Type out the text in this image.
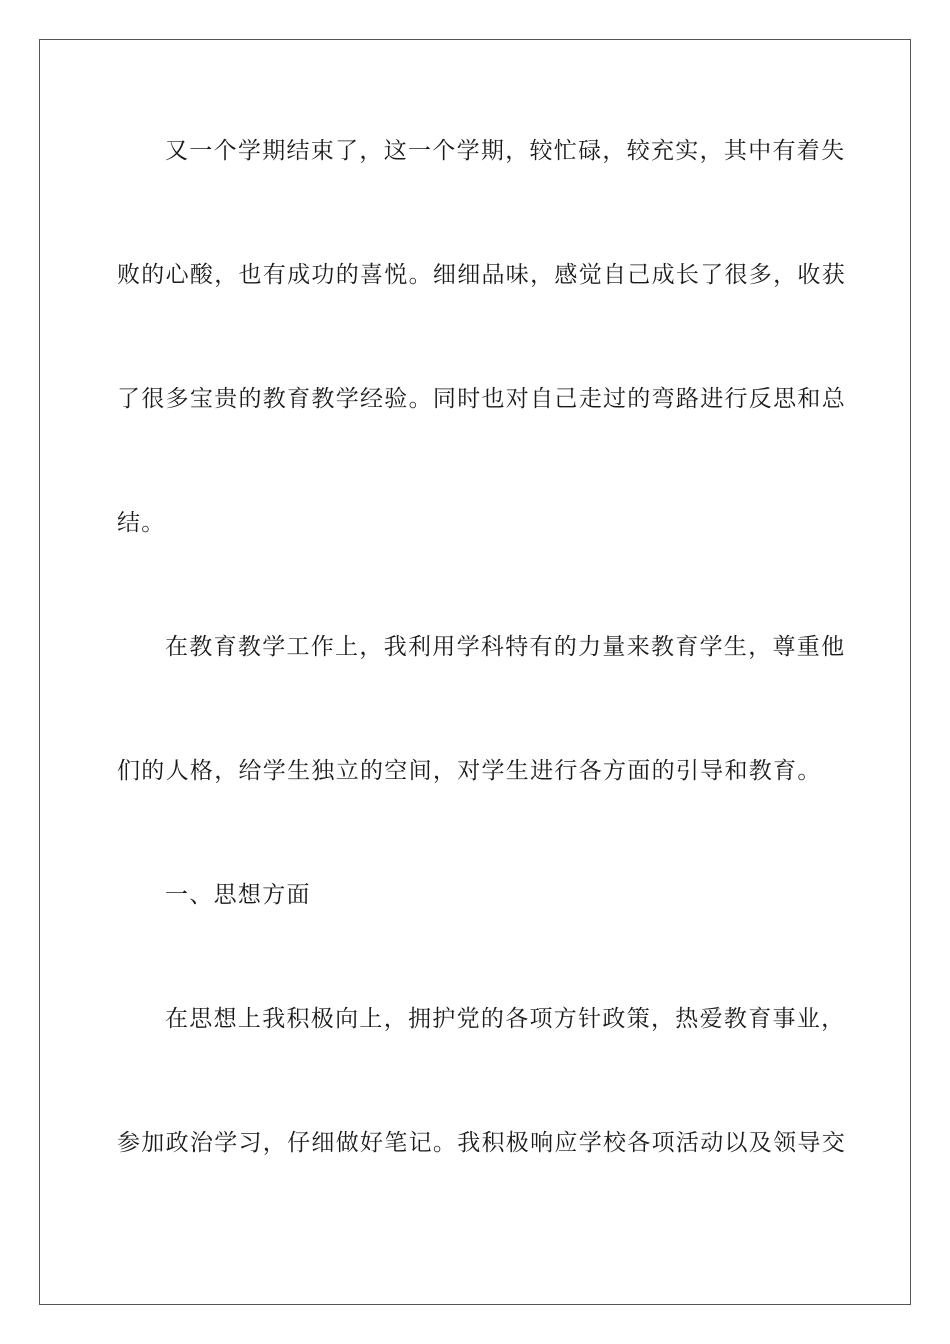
又一个学期结束了，这一个学期，较忙碌，较充实，其中有着失
败的心酸，也有成功的喜悦。细细品味，感觉自己成长了很多，收获
了很多宝贵的教育教学经验。同时也对自己走过的弯路进行反思和总
结。
在教育教学工作上，我利用学科特有的力量来教育学生，尊重他
们的人格，给学生独立的空间，对学生进行各方面的引导和教育。
一、思想方面
在思想上我积极向上，拥护党的各项方针政策，热爱教育事业，
参加政治学习，仔细做好笔记。我积极响应学校各项活动以及领导交
